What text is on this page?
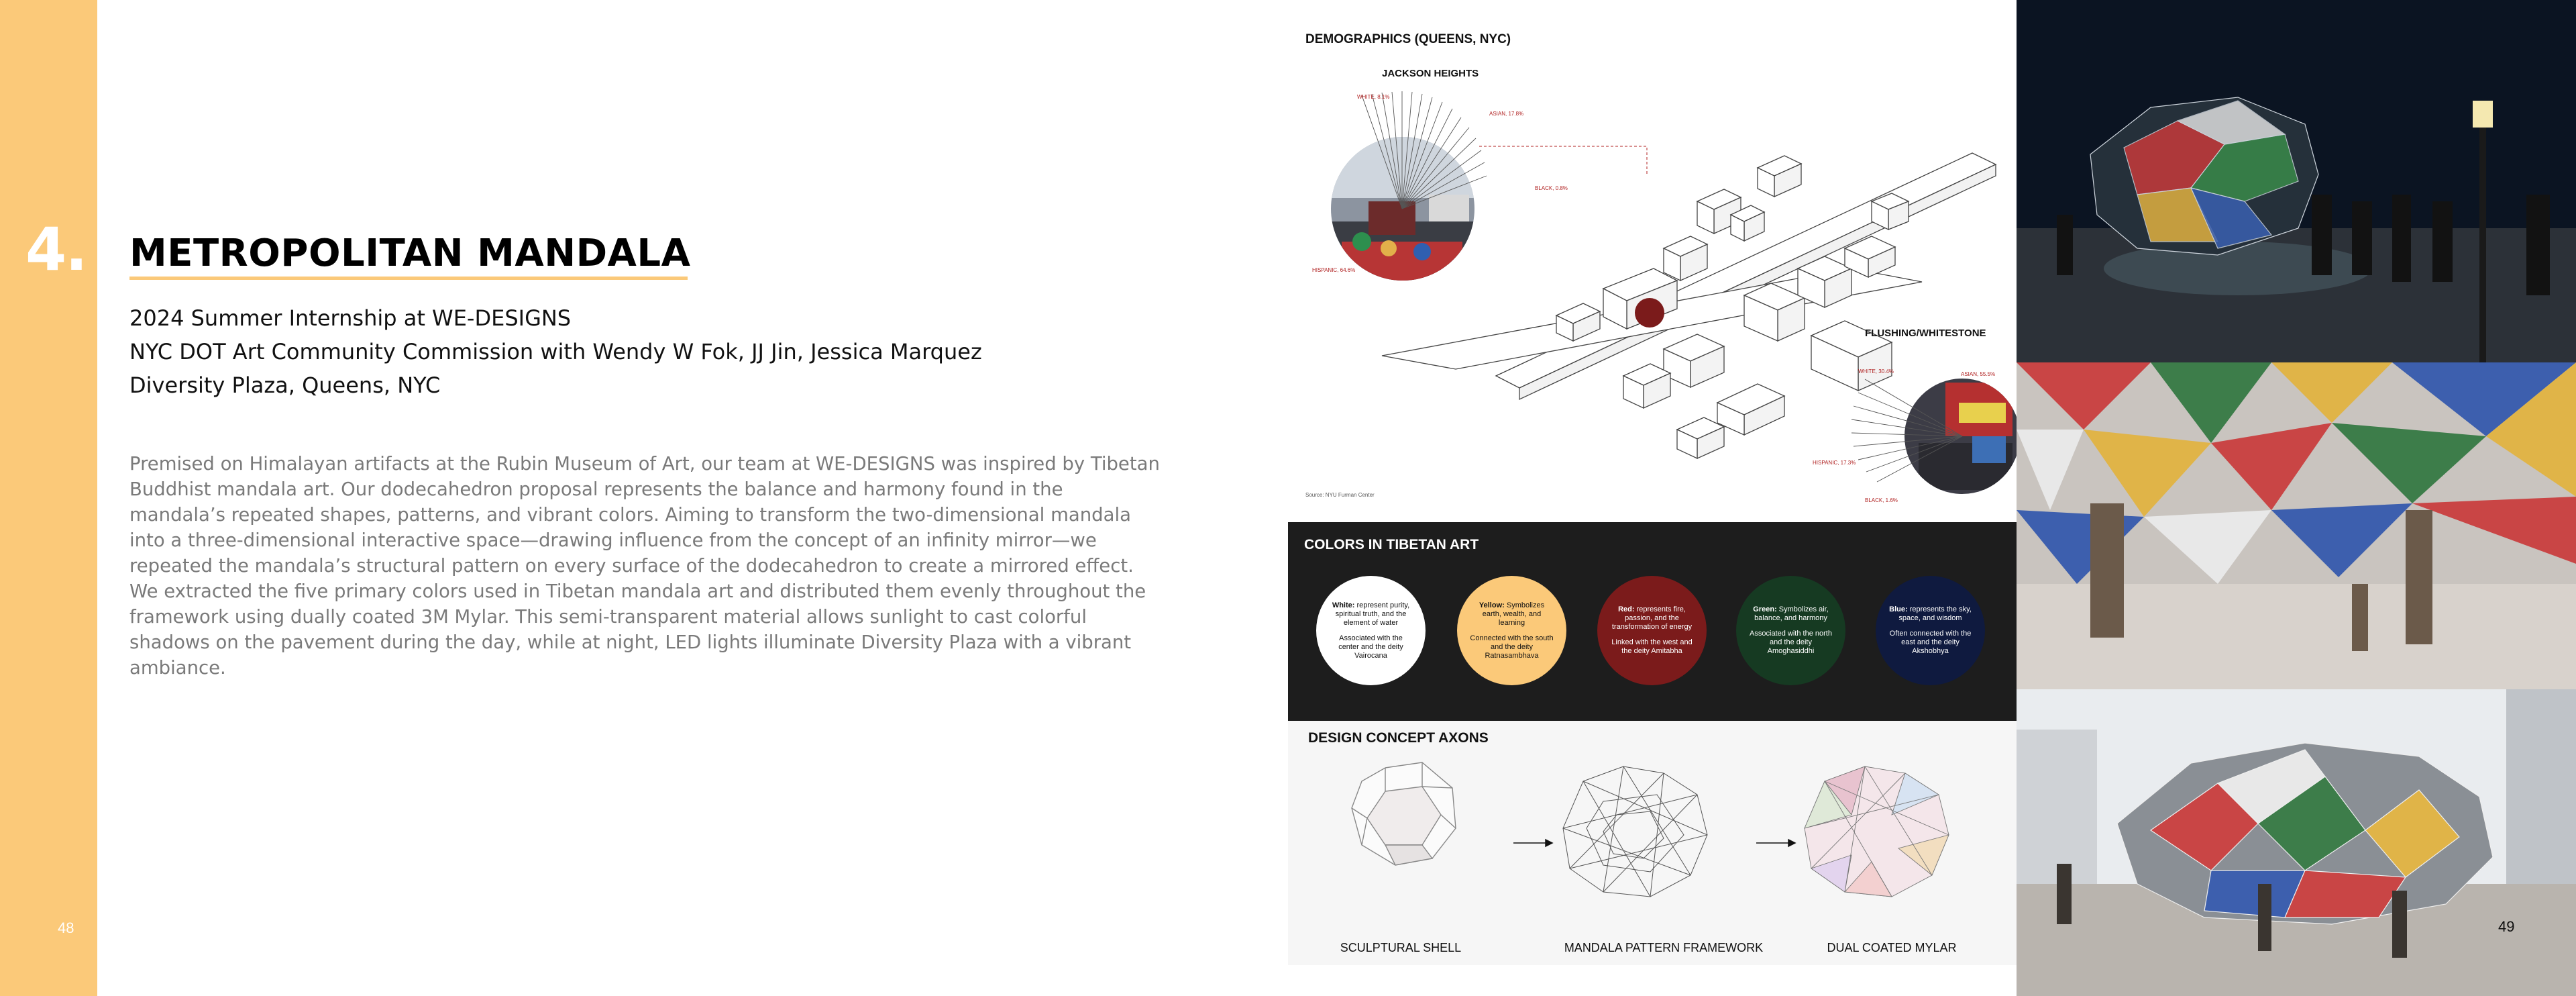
4.
48
METROPOLITAN MANDALA
2024 Summer Internship at WE-DESIGNS
NYC DOT Art Community Commission with Wendy W Fok, JJ Jin, Jessica Marquez
Diversity Plaza, Queens, NYC
Premised on Himalayan artifacts at the Rubin Museum of Art, our team at WE-DESIGNS was inspired by Tibetan Buddhist mandala art. Our dodecahedron proposal represents the balance and harmony found in the mandala’s repeated shapes, patterns, and vibrant colors. Aiming to transform the two-dimensional mandala into a three-dimensional interactive space—drawing influence from the concept of an infinity mirror—we repeated the mandala’s structural pattern on every surface of the dodecahedron to create a mirrored effect. We extracted the five primary colors used in Tibetan mandala art and distributed them evenly throughout the framework using dually coated 3M Mylar. This semi-transparent material allows sunlight to cast colorful shadows on the pavement during the day, while at night, LED lights illuminate Diversity Plaza with a vibrant ambiance.
DEMOGRAPHICS (QUEENS, NYC)
JACKSON HEIGHTS
WHITE, 8.1%
ASIAN, 17.8%
BLACK, 0.8%
HISPANIC, 64.6%
FLUSHING/WHITESTONE
WHITE, 30.4%	ASIAN, 55.5%
HISPANIC, 17.3%
BLACK, 1.6%
Source: NYU Furman Center
COLORS IN TIBETAN ART
White: represent purity, spiritual truth, and the element of water
Associated with the center and the deity Vairocana
Yellow: Symbolizes earth, wealth, and learning
Connected with the south and the deity Ratnasambhava
Red: represents fire, passion, and the transformation of energy
Linked with the west and the deity Amitabha
Green: Symbolizes air, balance, and harmony
Associated with the north and the deity Amoghasiddhi
Blue: represents the sky, space, and wisdom
Often connected with the east and the deity Akshobhya
DESIGN CONCEPT AXONS
SCULPTURAL SHELL	MANDALA PATTERN FRAMEWORK	DUAL COATED MYLAR
49
